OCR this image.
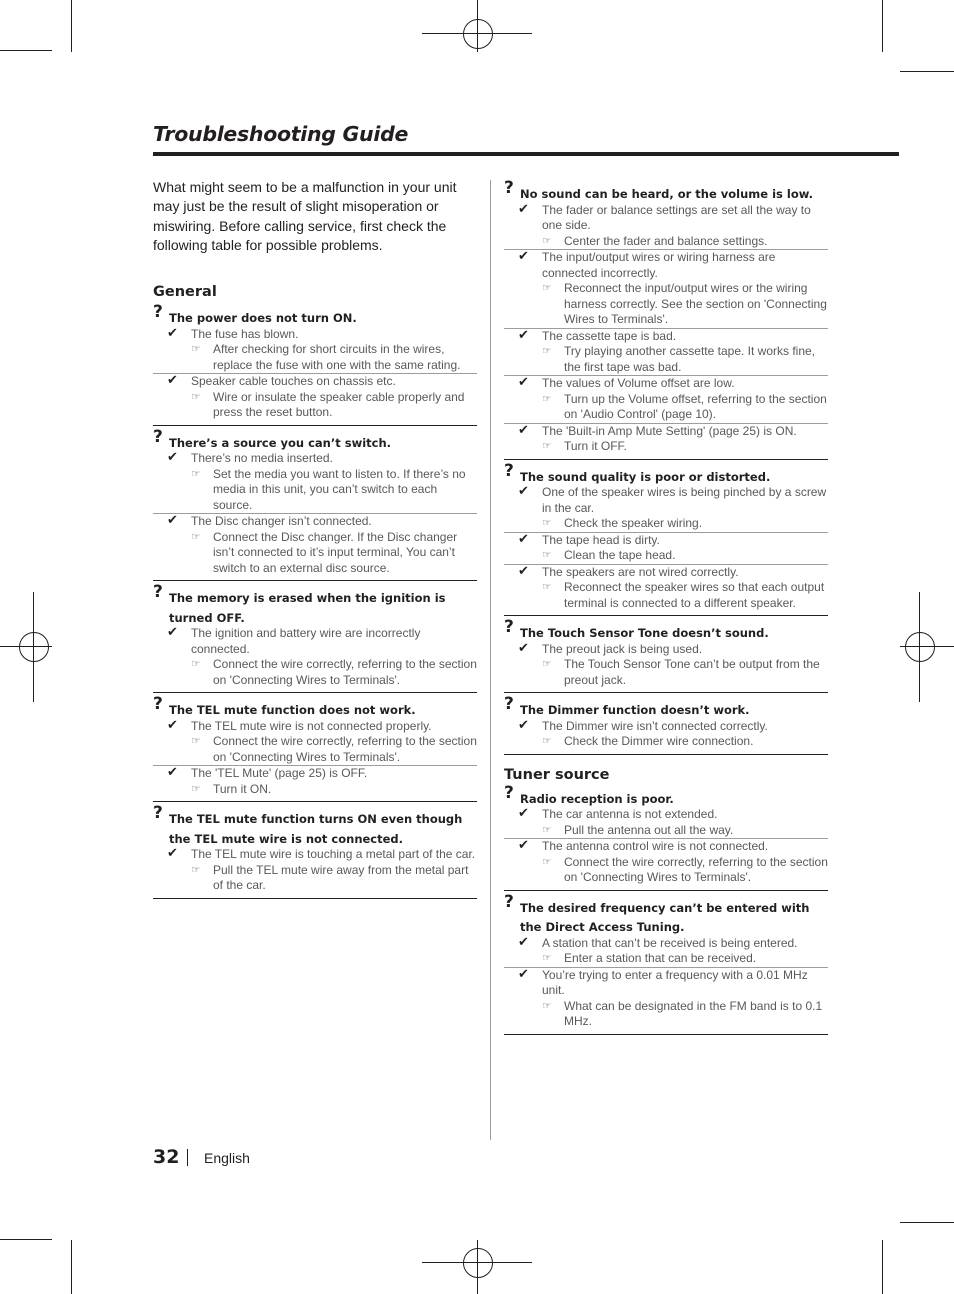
Troubleshooting Guide

What might seem to be a malfunction in your unit may just be the result of slight misoperation or miswiring. Before calling service, first check the following table for possible problems.

General
? The power does not turn ON.
✔ The fuse has blown.
☞ After checking for short circuits in the wires, replace the fuse with one with the same rating.
✔ Speaker cable touches on chassis etc.
☞ Wire or insulate the speaker cable properly and press the reset button.
? There’s a source you can’t switch.
✔ There’s no media inserted.
☞ Set the media you want to listen to. If there’s no media in this unit, you can’t switch to each source.
✔ The Disc changer isn’t connected.
☞ Connect the Disc changer. If the Disc changer isn’t connected to it’s input terminal, You can’t switch to an external disc source.
? The memory is erased when the ignition is turned OFF.
✔ The ignition and battery wire are incorrectly connected.
☞ Connect the wire correctly, referring to the section on 'Connecting Wires to Terminals'.
? The TEL mute function does not work.
✔ The TEL mute wire is not connected properly.
☞ Connect the wire correctly, referring to the section on 'Connecting Wires to Terminals'.
✔ The 'TEL Mute' (page 25) is OFF.
☞ Turn it ON.
? The TEL mute function turns ON even though the TEL mute wire is not connected.
✔ The TEL mute wire is touching a metal part of the car.
☞ Pull the TEL mute wire away from the metal part of the car.
? No sound can be heard, or the volume is low.
✔ The fader or balance settings are set all the way to one side.
☞ Center the fader and balance settings.
✔ The input/output wires or wiring harness are connected incorrectly.
☞ Reconnect the input/output wires or the wiring harness correctly. See the section on 'Connecting Wires to Terminals'.
✔ The cassette tape is bad.
☞ Try playing another cassette tape. It works fine, the first tape was bad.
✔ The values of Volume offset are low.
☞ Turn up the Volume offset, referring to the section on 'Audio Control' (page 10).
✔ The 'Built-in Amp Mute Setting' (page 25) is ON.
☞ Turn it OFF.
? The sound quality is poor or distorted.
✔ One of the speaker wires is being pinched by a screw in the car.
☞ Check the speaker wiring.
✔ The tape head is dirty.
☞ Clean the tape head.
✔ The speakers are not wired correctly.
☞ Reconnect the speaker wires so that each output terminal is connected to a different speaker.
? The Touch Sensor Tone doesn’t sound.
✔ The preout jack is being used.
☞ The Touch Sensor Tone can’t be output from the preout jack.
? The Dimmer function doesn’t work.
✔ The Dimmer wire isn’t connected correctly.
☞ Check the Dimmer wire connection.
Tuner source
? Radio reception is poor.
✔ The car antenna is not extended.
☞ Pull the antenna out all the way.
✔ The antenna control wire is not connected.
☞ Connect the wire correctly, referring to the section on 'Connecting Wires to Terminals'.
? The desired frequency can’t be entered with the Direct Access Tuning.
✔ A station that can’t be received is being entered.
☞ Enter a station that can be received.
✔ You’re trying to enter a frequency with a 0.01 MHz unit.
☞ What can be designated in the FM band is to 0.1 MHz.
32 English
